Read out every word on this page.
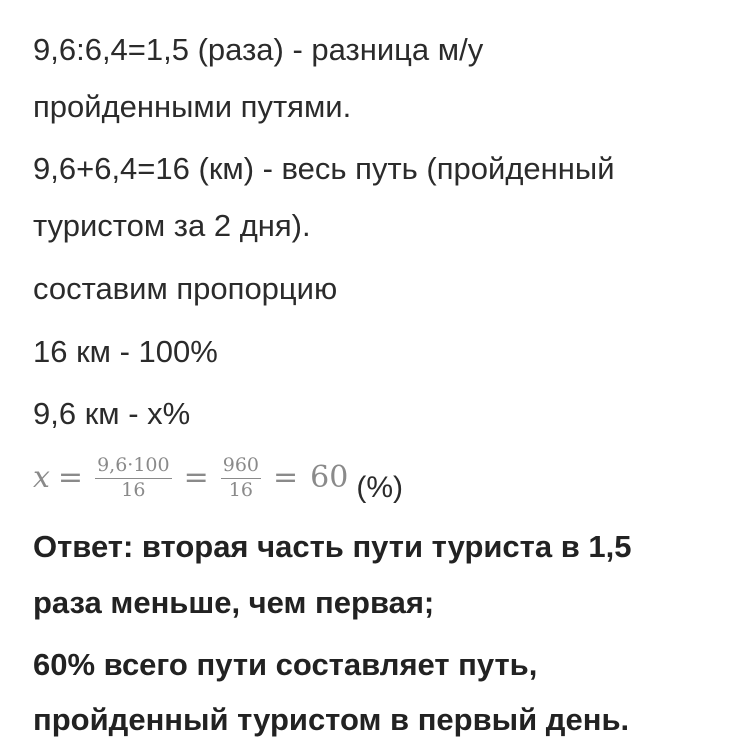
9,6:6,4=1,5 (раза) - разница м/у
пройденными путями.
9,6+6,4=16 (км) - весь путь (пройденный
туристом за 2 дня).
составим пропорцию
16 км - 100%
9,6 км - х%
$x = \frac{9,6\cdot 100}{16} = \frac{960}{16} = 60$ (%)
Ответ: вторая часть пути туриста в 1,5
раза меньше, чем первая;
60% всего пути составляет путь,
пройденный туристом в первый день.
